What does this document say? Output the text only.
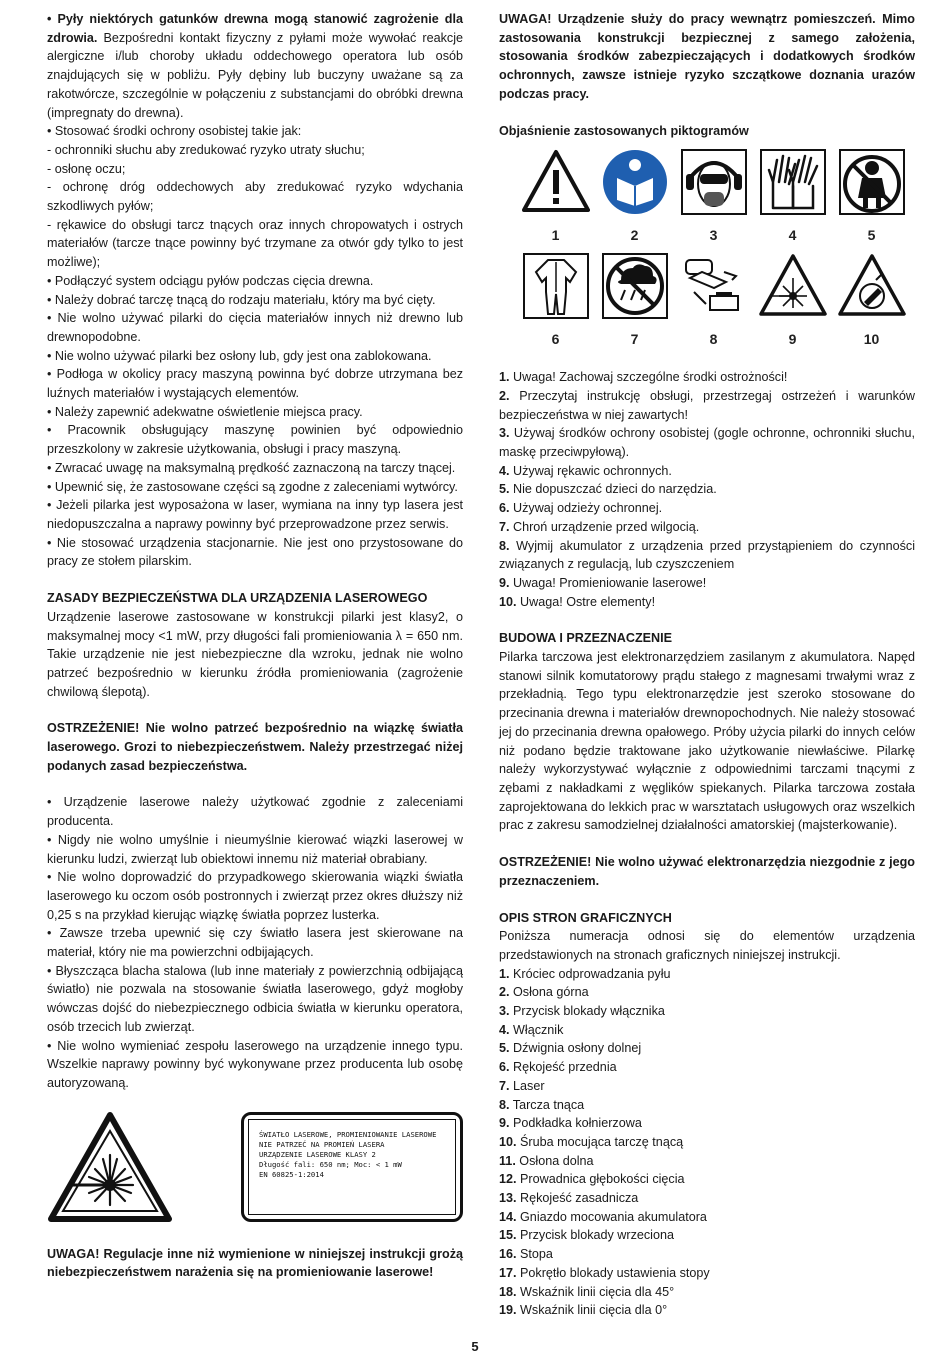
• Pyły niektórych gatunków drewna mogą stanowić zagrożenie dla zdrowia. Bezpośredni kontakt fizyczny z pyłami może wywołać reakcje alergiczne i/lub choroby układu oddechowego operatora lub osób znajdujących się w pobliżu. Pyły dębiny lub buczyny uważane są za rakotwórcze, szczególnie w połączeniu z substancjami do obróbki drewna (impregnaty do drewna).

• Stosować środki ochrony osobistej takie jak:

- ochronniki słuchu aby zredukować ryzyko utraty słuchu;

- osłonę oczu;

- ochronę dróg oddechowych aby zredukować ryzyko wdychania szkodliwych pyłów;

- rękawice do obsługi tarcz tnących oraz innych chropowatych i ostrych materiałów (tarcze tnące powinny być trzymane za otwór gdy tylko to jest możliwe);

• Podłączyć system odciągu pyłów podczas cięcia drewna.

• Należy dobrać tarczę tnącą do rodzaju materiału, który ma być cięty.

• Nie wolno używać pilarki do cięcia materiałów innych niż drewno lub drewnopodobne.

• Nie wolno używać pilarki bez osłony lub, gdy jest ona zablokowana.

• Podłoga w okolicy pracy maszyną powinna być dobrze utrzymana bez luźnych materiałów i wystających elementów.

• Należy zapewnić adekwatne oświetlenie miejsca pracy.

• Pracownik obsługujący maszynę powinien być odpowiednio przeszkolony w zakresie użytkowania, obsługi i pracy maszyną.

• Zwracać uwagę na maksymalną prędkość zaznaczoną na tarczy tnącej.

• Upewnić się, że zastosowane części są zgodne z zaleceniami wytwórcy.

• Jeżeli pilarka jest wyposażona w laser, wymiana na inny typ lasera jest niedopuszczalna a naprawy powinny być przeprowadzone przez serwis.

• Nie stosować urządzenia stacjonarnie. Nie jest ono przystosowane do pracy ze stołem pilarskim.

ZASADY BEZPIECZEŃSTWA DLA URZĄDZENIA LASEROWEGO

Urządzenie laserowe zastosowane w konstrukcji pilarki jest klasy2, o maksymalnej mocy <1 mW, przy długości fali promieniowania λ = 650 nm. Takie urządzenie nie jest niebezpieczne dla wzroku, jednak nie wolno patrzeć bezpośrednio w kierunku źródła promieniowania (zagrożenie chwilową ślepotą).

OSTRZEŻENIE! Nie wolno patrzeć bezpośrednio na wiązkę światła laserowego. Grozi to niebezpieczeństwem. Należy przestrzegać niżej podanych zasad bezpieczeństwa.

• Urządzenie laserowe należy użytkować zgodnie z zaleceniami producenta.

• Nigdy nie wolno umyślnie i nieumyślnie kierować wiązki laserowej w kierunku ludzi, zwierząt lub obiektowi innemu niż materiał obrabiany.

• Nie wolno doprowadzić do przypadkowego skierowania wiązki światła laserowego ku oczom osób postronnych i zwierząt przez okres dłuższy niż 0,25 s na przykład kierując wiązkę światła poprzez lusterka.

• Zawsze trzeba upewnić się czy światło lasera jest skierowane na materiał, który nie ma powierzchni odbijających.

• Błyszcząca blacha stalowa (lub inne materiały z powierzchnią odbijającą światło) nie pozwala na stosowanie światła laserowego, gdyż mogłoby wówczas dojść do niebezpiecznego odbicia światła w kierunku operatora, osób trzecich lub zwierząt.

• Nie wolno wymieniać zespołu laserowego na urządzenie innego typu. Wszelkie naprawy powinny być wykonywane przez producenta lub osobę autoryzowaną.

ŚWIATŁO LASEROWE, PROMIENIOWANIE LASEROWE
NIE PATRZEĆ NA PROMIEŃ LASERA
URZĄDZENIE LASEROWE KLASY 2
Długość fali: 650 nm; Moc: < 1 mW
EN 60825-1:2014

UWAGA! Regulacje inne niż wymienione w niniejszej instrukcji grożą niebezpieczeństwem narażenia się na promieniowanie laserowe!

UWAGA! Urządzenie służy do pracy wewnątrz pomieszczeń. Mimo zastosowania konstrukcji bezpiecznej z samego założenia, stosowania środków zabezpieczających i dodatkowych środków ochronnych, zawsze istnieje ryzyko szczątkowe doznania urazów podczas pracy.

Objaśnienie zastosowanych piktogramów

1	2	3	4	5
6	7	8	9	10

1. Uwaga! Zachowaj szczególne środki ostrożności!

2. Przeczytaj instrukcję obsługi, przestrzegaj ostrzeżeń i warunków bezpieczeństwa w niej zawartych!

3. Używaj środków ochrony osobistej (gogle ochronne, ochronniki słuchu, maskę przeciwpyłową).

4. Używaj rękawic ochronnych.

5. Nie dopuszczać dzieci do narzędzia.

6. Używaj odzieży ochronnej.

7. Chroń urządzenie przed wilgocią.

8. Wyjmij akumulator z urządzenia przed przystąpieniem do czynności związanych z regulacją, lub czyszczeniem

9. Uwaga! Promieniowanie laserowe!

10. Uwaga! Ostre elementy!

BUDOWA I PRZEZNACZENIE

Pilarka tarczowa jest elektronarzędziem zasilanym z akumulatora. Napęd stanowi silnik komutatorowy prądu stałego z magnesami trwałymi wraz z przekładnią. Tego typu elektronarzędzie jest szeroko stosowane do przecinania drewna i materiałów drewnopochodnych. Nie należy stosować jej do przecinania drewna opałowego. Próby użycia pilarki do innych celów niż podano będzie traktowane jako użytkowanie niewłaściwe. Pilarkę należy wykorzystywać wyłącznie z odpowiednimi tarczami tnącymi z zębami z nakładkami z węglików spiekanych. Pilarka tarczowa została zaprojektowana do lekkich prac w warsztatach usługowych oraz wszelkich prac z zakresu samodzielnej działalności amatorskiej (majsterkowanie).

OSTRZEŻENIE! Nie wolno używać elektronarzędzia niezgodnie z jego przeznaczeniem.

OPIS STRON GRAFICZNYCH

Poniższa numeracja odnosi się do elementów urządzenia przedstawionych na stronach graficznych niniejszej instrukcji.

1. Króciec odprowadzania pyłu

2. Osłona górna

3. Przycisk blokady włącznika

4. Włącznik

5. Dźwignia osłony dolnej

6. Rękojeść przednia

7. Laser

8. Tarcza tnąca

9. Podkładka kołnierzowa

10. Śruba mocująca tarczę tnącą

11. Osłona dolna

12. Prowadnica głębokości cięcia

13. Rękojeść zasadnicza

14. Gniazdo mocowania akumulatora

15. Przycisk blokady wrzeciona

16. Stopa

17. Pokrętło blokady ustawienia stopy

18. Wskaźnik linii cięcia dla 45°

19. Wskaźnik linii cięcia dla 0°

5
